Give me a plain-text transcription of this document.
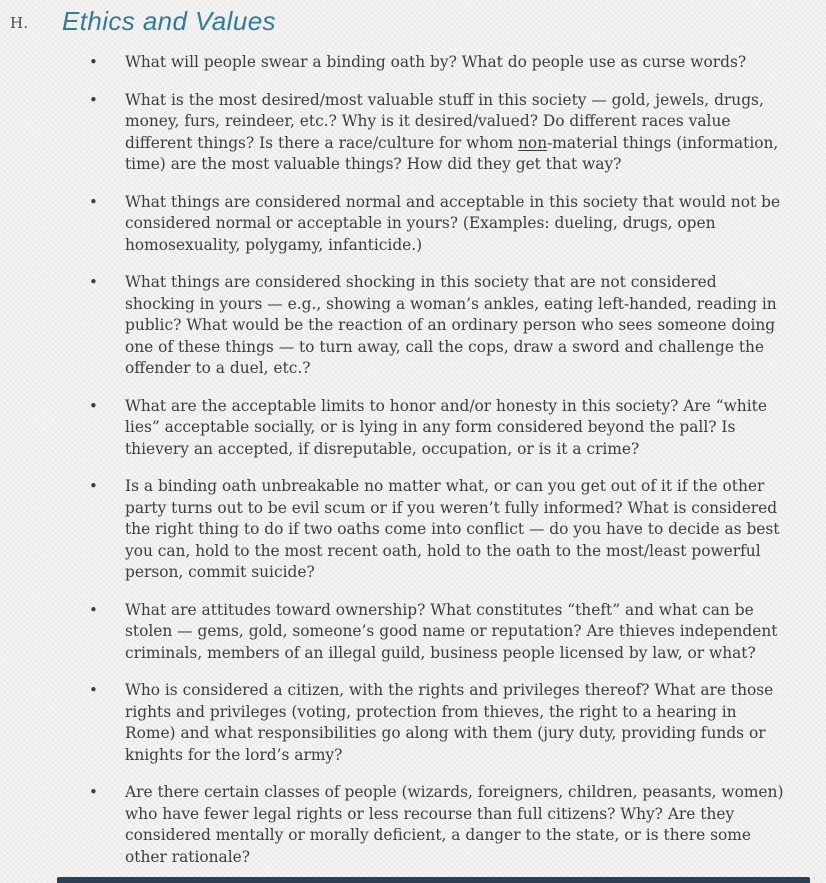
H.	Ethics and Values
•	What will people swear a binding oath by? What do people use as curse words?
•	What is the most desired/most valuable stuff in this society — gold, jewels, drugs, money, furs, reindeer, etc.? Why is it desired/valued? Do different races value different things? Is there a race/culture for whom non-material things (information, time) are the most valuable things? How did they get that way?
•	What things are considered normal and acceptable in this society that would not be considered normal or acceptable in yours? (Examples: dueling, drugs, open homosexuality, polygamy, infanticide.)
•	What things are considered shocking in this society that are not considered shocking in yours — e.g., showing a woman’s ankles, eating left-handed, reading in public? What would be the reaction of an ordinary person who sees someone doing one of these things — to turn away, call the cops, draw a sword and challenge the offender to a duel, etc.?
•	What are the acceptable limits to honor and/or honesty in this society? Are “white lies” acceptable socially, or is lying in any form considered beyond the pall? Is thievery an accepted, if disreputable, occupation, or is it a crime?
•	Is a binding oath unbreakable no matter what, or can you get out of it if the other party turns out to be evil scum or if you weren’t fully informed? What is considered the right thing to do if two oaths come into conflict — do you have to decide as best you can, hold to the most recent oath, hold to the oath to the most/least powerful person, commit suicide?
•	What are attitudes toward ownership? What constitutes “theft” and what can be stolen — gems, gold, someone’s good name or reputation? Are thieves independent criminals, members of an illegal guild, business people licensed by law, or what?
•	Who is considered a citizen, with the rights and privileges thereof? What are those rights and privileges (voting, protection from thieves, the right to a hearing in Rome) and what responsibilities go along with them (jury duty, providing funds or knights for the lord’s army?
•	Are there certain classes of people (wizards, foreigners, children, peasants, women) who have fewer legal rights or less recourse than full citizens? Why? Are they considered mentally or morally deficient, a danger to the state, or is there some other rationale?
